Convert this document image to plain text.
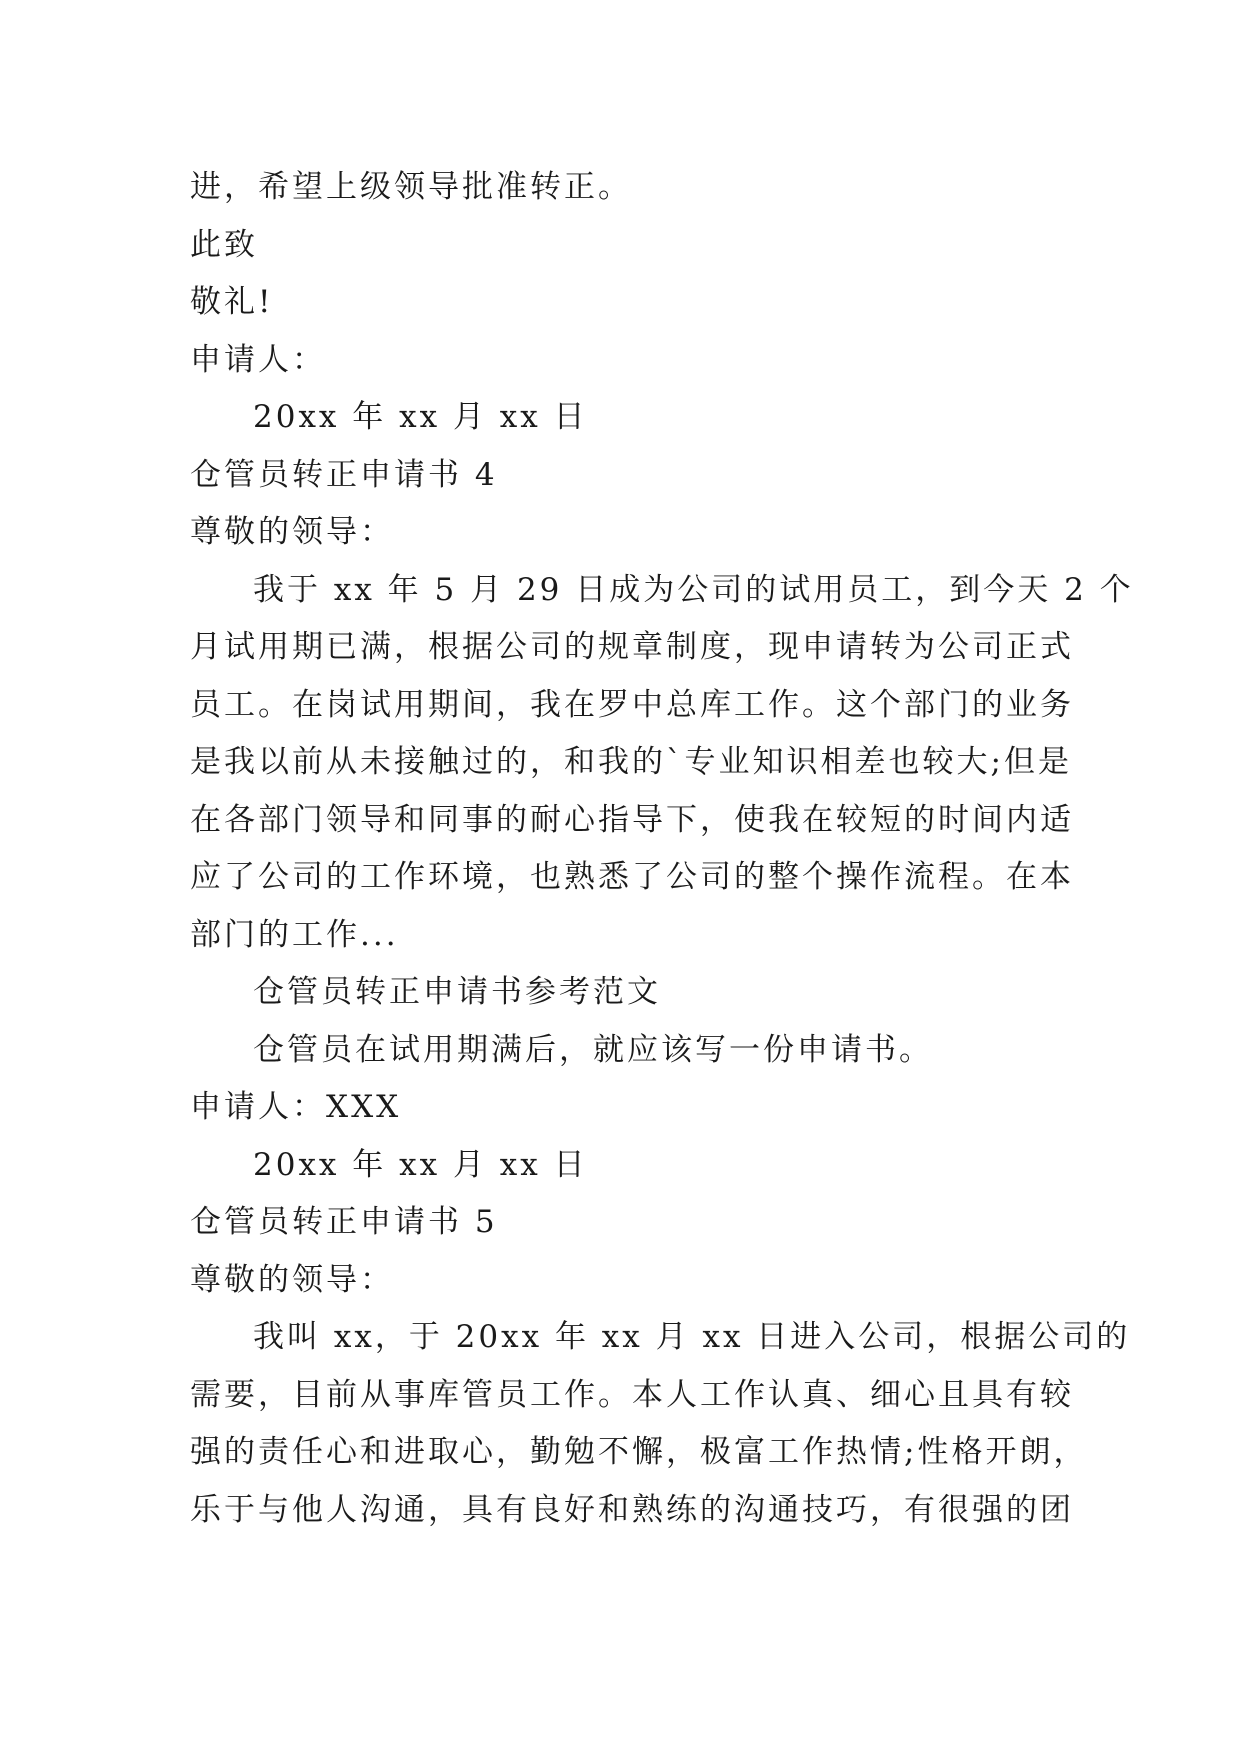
进，希望上级领导批准转正。

此致

敬礼!

申请人：

20xx 年 xx 月 xx 日

仓管员转正申请书 4

尊敬的领导：

我于 xx 年 5 月 29 日成为公司的试用员工，到今天 2 个

月试用期已满，根据公司的规章制度，现申请转为公司正式

员工。在岗试用期间，我在罗中总库工作。这个部门的业务

是我以前从未接触过的，和我的`专业知识相差也较大;但是

在各部门领导和同事的耐心指导下，使我在较短的时间内适

应了公司的工作环境，也熟悉了公司的整个操作流程。在本

部门的工作...

仓管员转正申请书参考范文

仓管员在试用期满后，就应该写一份申请书。

申请人：XXX

20xx 年 xx 月 xx 日

仓管员转正申请书 5

尊敬的领导：

我叫 xx，于 20xx 年 xx 月 xx 日进入公司，根据公司的

需要，目前从事库管员工作。本人工作认真、细心且具有较

强的责任心和进取心，勤勉不懈，极富工作热情;性格开朗，

乐于与他人沟通，具有良好和熟练的沟通技巧，有很强的团
